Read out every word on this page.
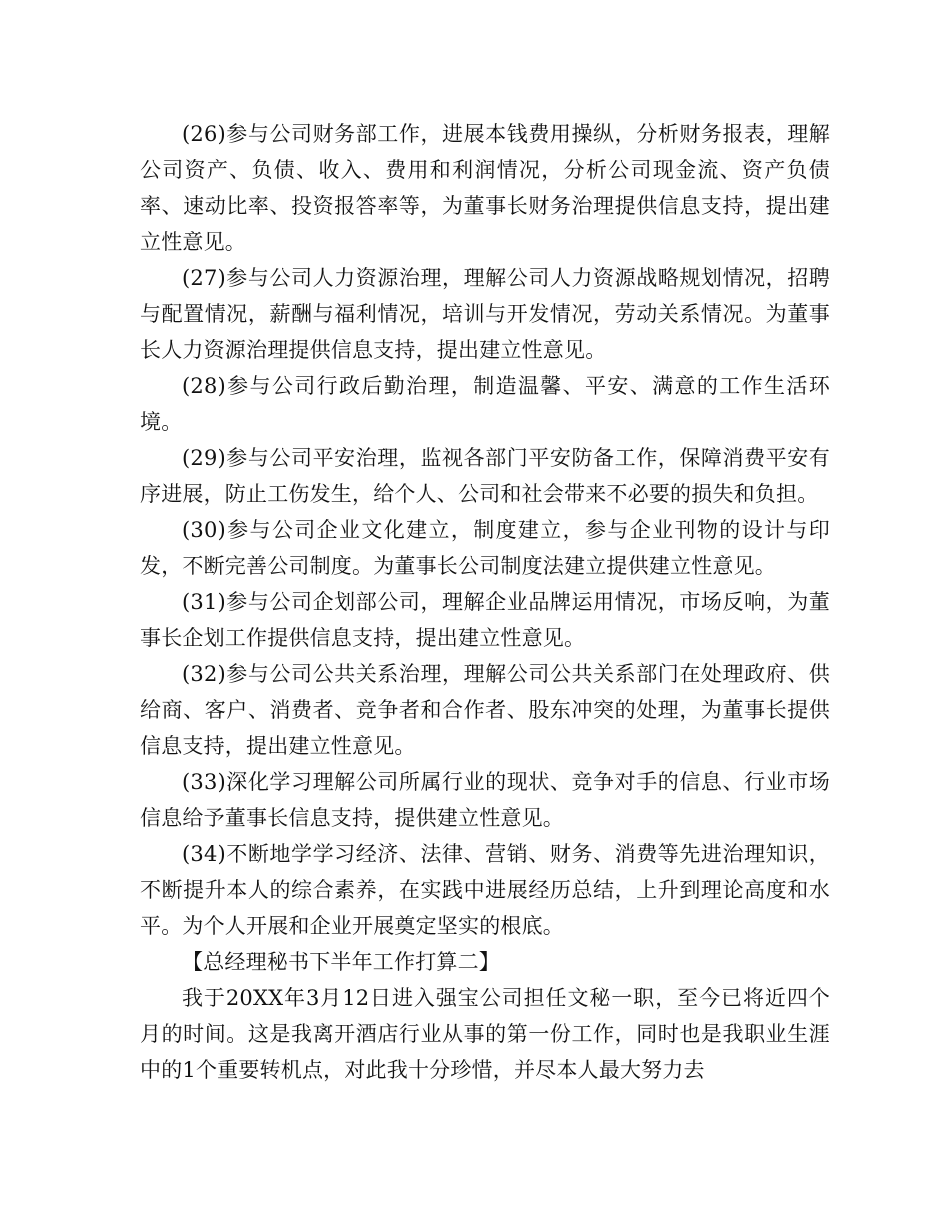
(26)参与公司财务部工作，进展本钱费用操纵，分析财务报表，理解公司资产、负债、收入、费用和利润情况，分析公司现金流、资产负债率、速动比率、投资报答率等，为董事长财务治理提供信息支持，提出建立性意见。

(27)参与公司人力资源治理，理解公司人力资源战略规划情况，招聘与配置情况，薪酬与福利情况，培训与开发情况，劳动关系情况。为董事长人力资源治理提供信息支持，提出建立性意见。

(28)参与公司行政后勤治理，制造温馨、平安、满意的工作生活环境。

(29)参与公司平安治理，监视各部门平安防备工作，保障消费平安有序进展，防止工伤发生，给个人、公司和社会带来不必要的损失和负担。

(30)参与公司企业文化建立，制度建立，参与企业刊物的设计与印发，不断完善公司制度。为董事长公司制度法建立提供建立性意见。

(31)参与公司企划部公司，理解企业品牌运用情况，市场反响，为董事长企划工作提供信息支持，提出建立性意见。

(32)参与公司公共关系治理，理解公司公共关系部门在处理政府、供给商、客户、消费者、竞争者和合作者、股东冲突的处理，为董事长提供信息支持，提出建立性意见。

(33)深化学习理解公司所属行业的现状、竞争对手的信息、行业市场信息给予董事长信息支持，提供建立性意见。

(34)不断地学学习经济、法律、营销、财务、消费等先进治理知识，不断提升本人的综合素养，在实践中进展经历总结，上升到理论高度和水平。为个人开展和企业开展奠定坚实的根底。

【总经理秘书下半年工作打算二】

我于20XX年3月12日进入强宝公司担任文秘一职，至今已将近四个月的时间。这是我离开酒店行业从事的第一份工作，同时也是我职业生涯中的1个重要转机点，对此我十分珍惜，并尽本人最大努力去
